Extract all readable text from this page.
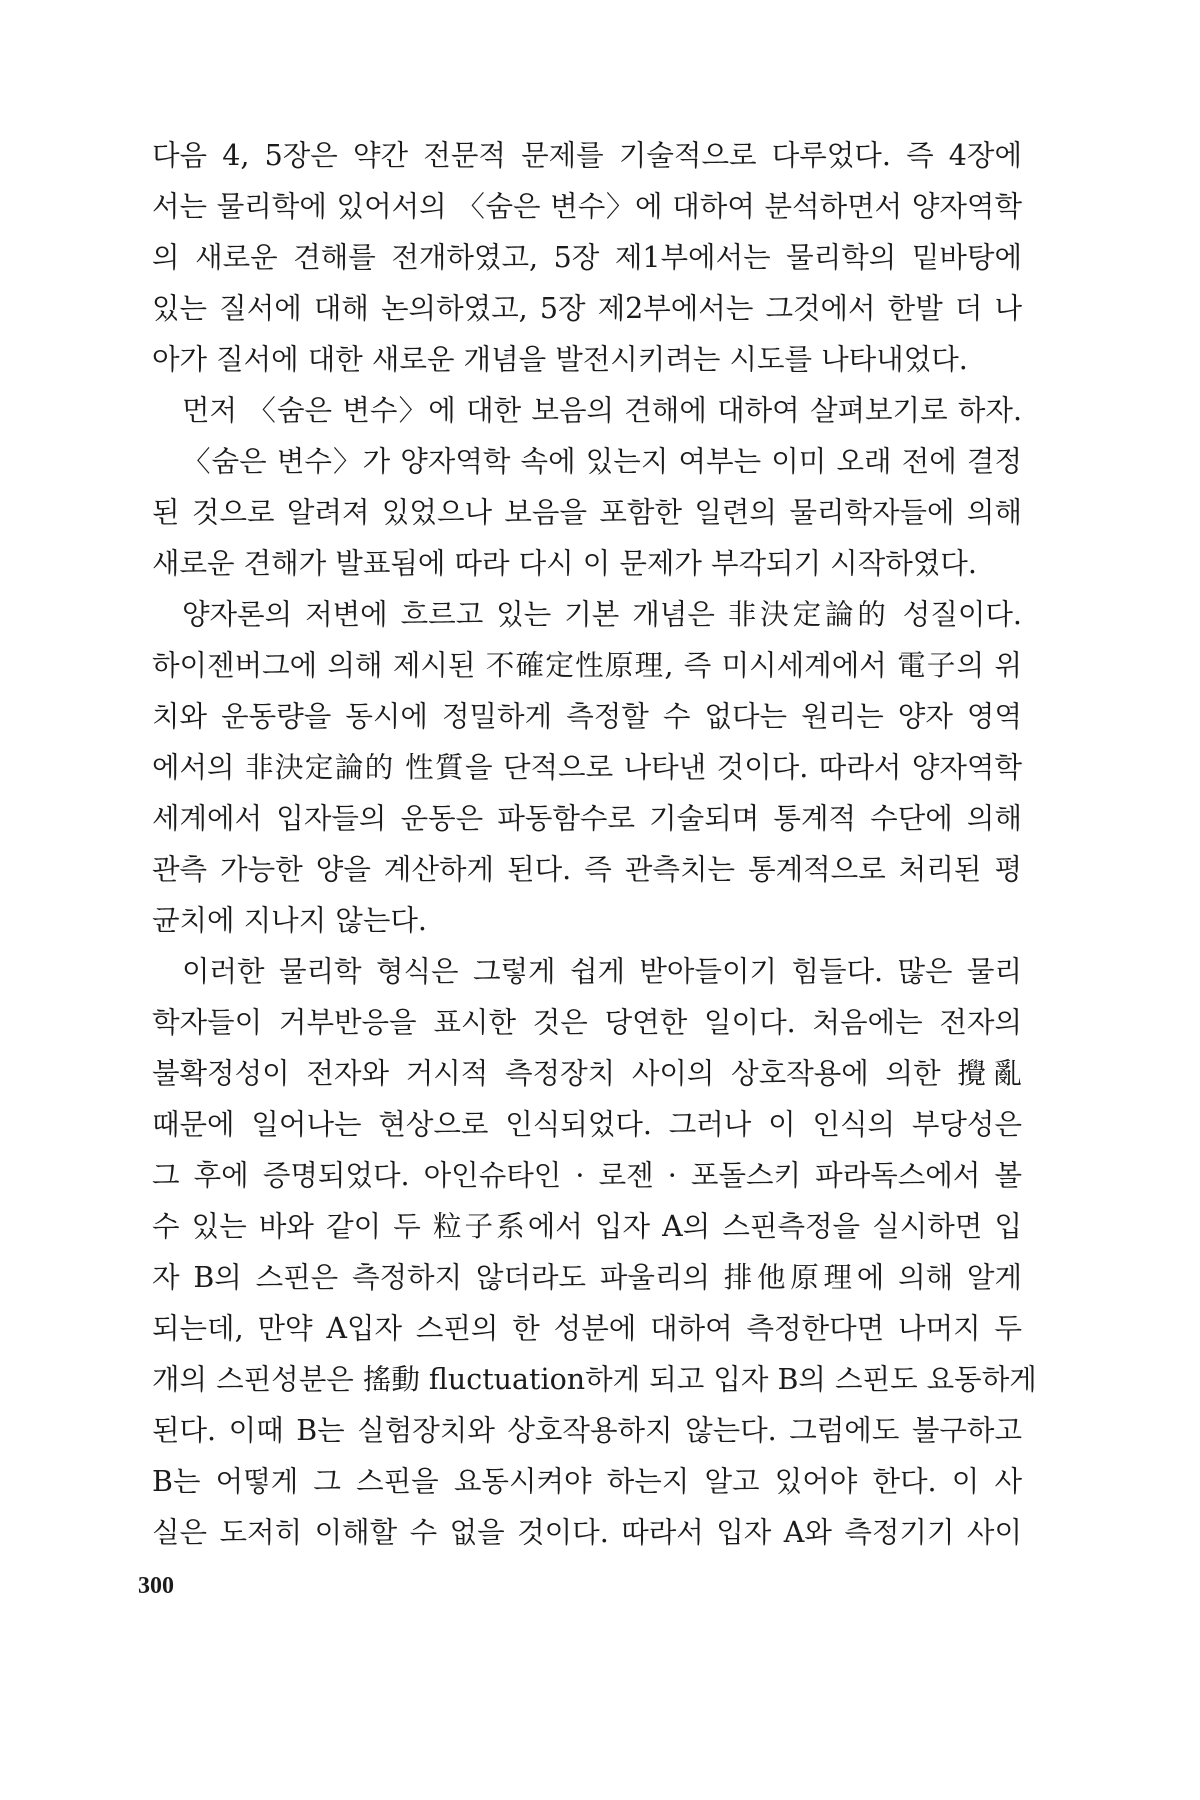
다음 4, 5장은 약간 전문적 문제를 기술적으로 다루었다. 즉 4장에
서는 물리학에 있어서의 〈숨은 변수〉에 대하여 분석하면서 양자역학
의 새로운 견해를 전개하였고, 5장 제1부에서는 물리학의 밑바탕에
있는 질서에 대해 논의하였고, 5장 제2부에서는 그것에서 한발 더 나
아가 질서에 대한 새로운 개념을 발전시키려는 시도를 나타내었다.
먼저 〈숨은 변수〉에 대한 보음의 견해에 대하여 살펴보기로 하자.
〈숨은 변수〉가 양자역학 속에 있는지 여부는 이미 오래 전에 결정
된 것으로 알려져 있었으나 보음을 포함한 일련의 물리학자들에 의해
새로운 견해가 발표됨에 따라 다시 이 문제가 부각되기 시작하였다.
양자론의 저변에 흐르고 있는 기본 개념은 非決定論的 성질이다.
하이젠버그에 의해 제시된 不確定性原理, 즉 미시세계에서 電子의 위
치와 운동량을 동시에 정밀하게 측정할 수 없다는 원리는 양자 영역
에서의 非決定論的 性質을 단적으로 나타낸 것이다. 따라서 양자역학
세계에서 입자들의 운동은 파동함수로 기술되며 통계적 수단에 의해
관측 가능한 양을 계산하게 된다. 즉 관측치는 통계적으로 처리된 평
균치에 지나지 않는다.
이러한 물리학 형식은 그렇게 쉽게 받아들이기 힘들다. 많은 물리
학자들이 거부반응을 표시한 것은 당연한 일이다. 처음에는 전자의
불확정성이 전자와 거시적 측정장치 사이의 상호작용에 의한 攪亂
때문에 일어나는 현상으로 인식되었다. 그러나 이 인식의 부당성은
그 후에 증명되었다. 아인슈타인 · 로젠 · 포돌스키 파라독스에서 볼
수 있는 바와 같이 두 粒子系에서 입자 A의 스핀측정을 실시하면 입
자 B의 스핀은 측정하지 않더라도 파울리의 排他原理에 의해 알게
되는데, 만약 A입자 스핀의 한 성분에 대하여 측정한다면 나머지 두
개의 스핀성분은 搖動 fluctuation하게 되고 입자 B의 스핀도 요동하게
된다. 이때 B는 실험장치와 상호작용하지 않는다. 그럼에도 불구하고
B는 어떻게 그 스핀을 요동시켜야 하는지 알고 있어야 한다. 이 사
실은 도저히 이해할 수 없을 것이다. 따라서 입자 A와 측정기기 사이
300
